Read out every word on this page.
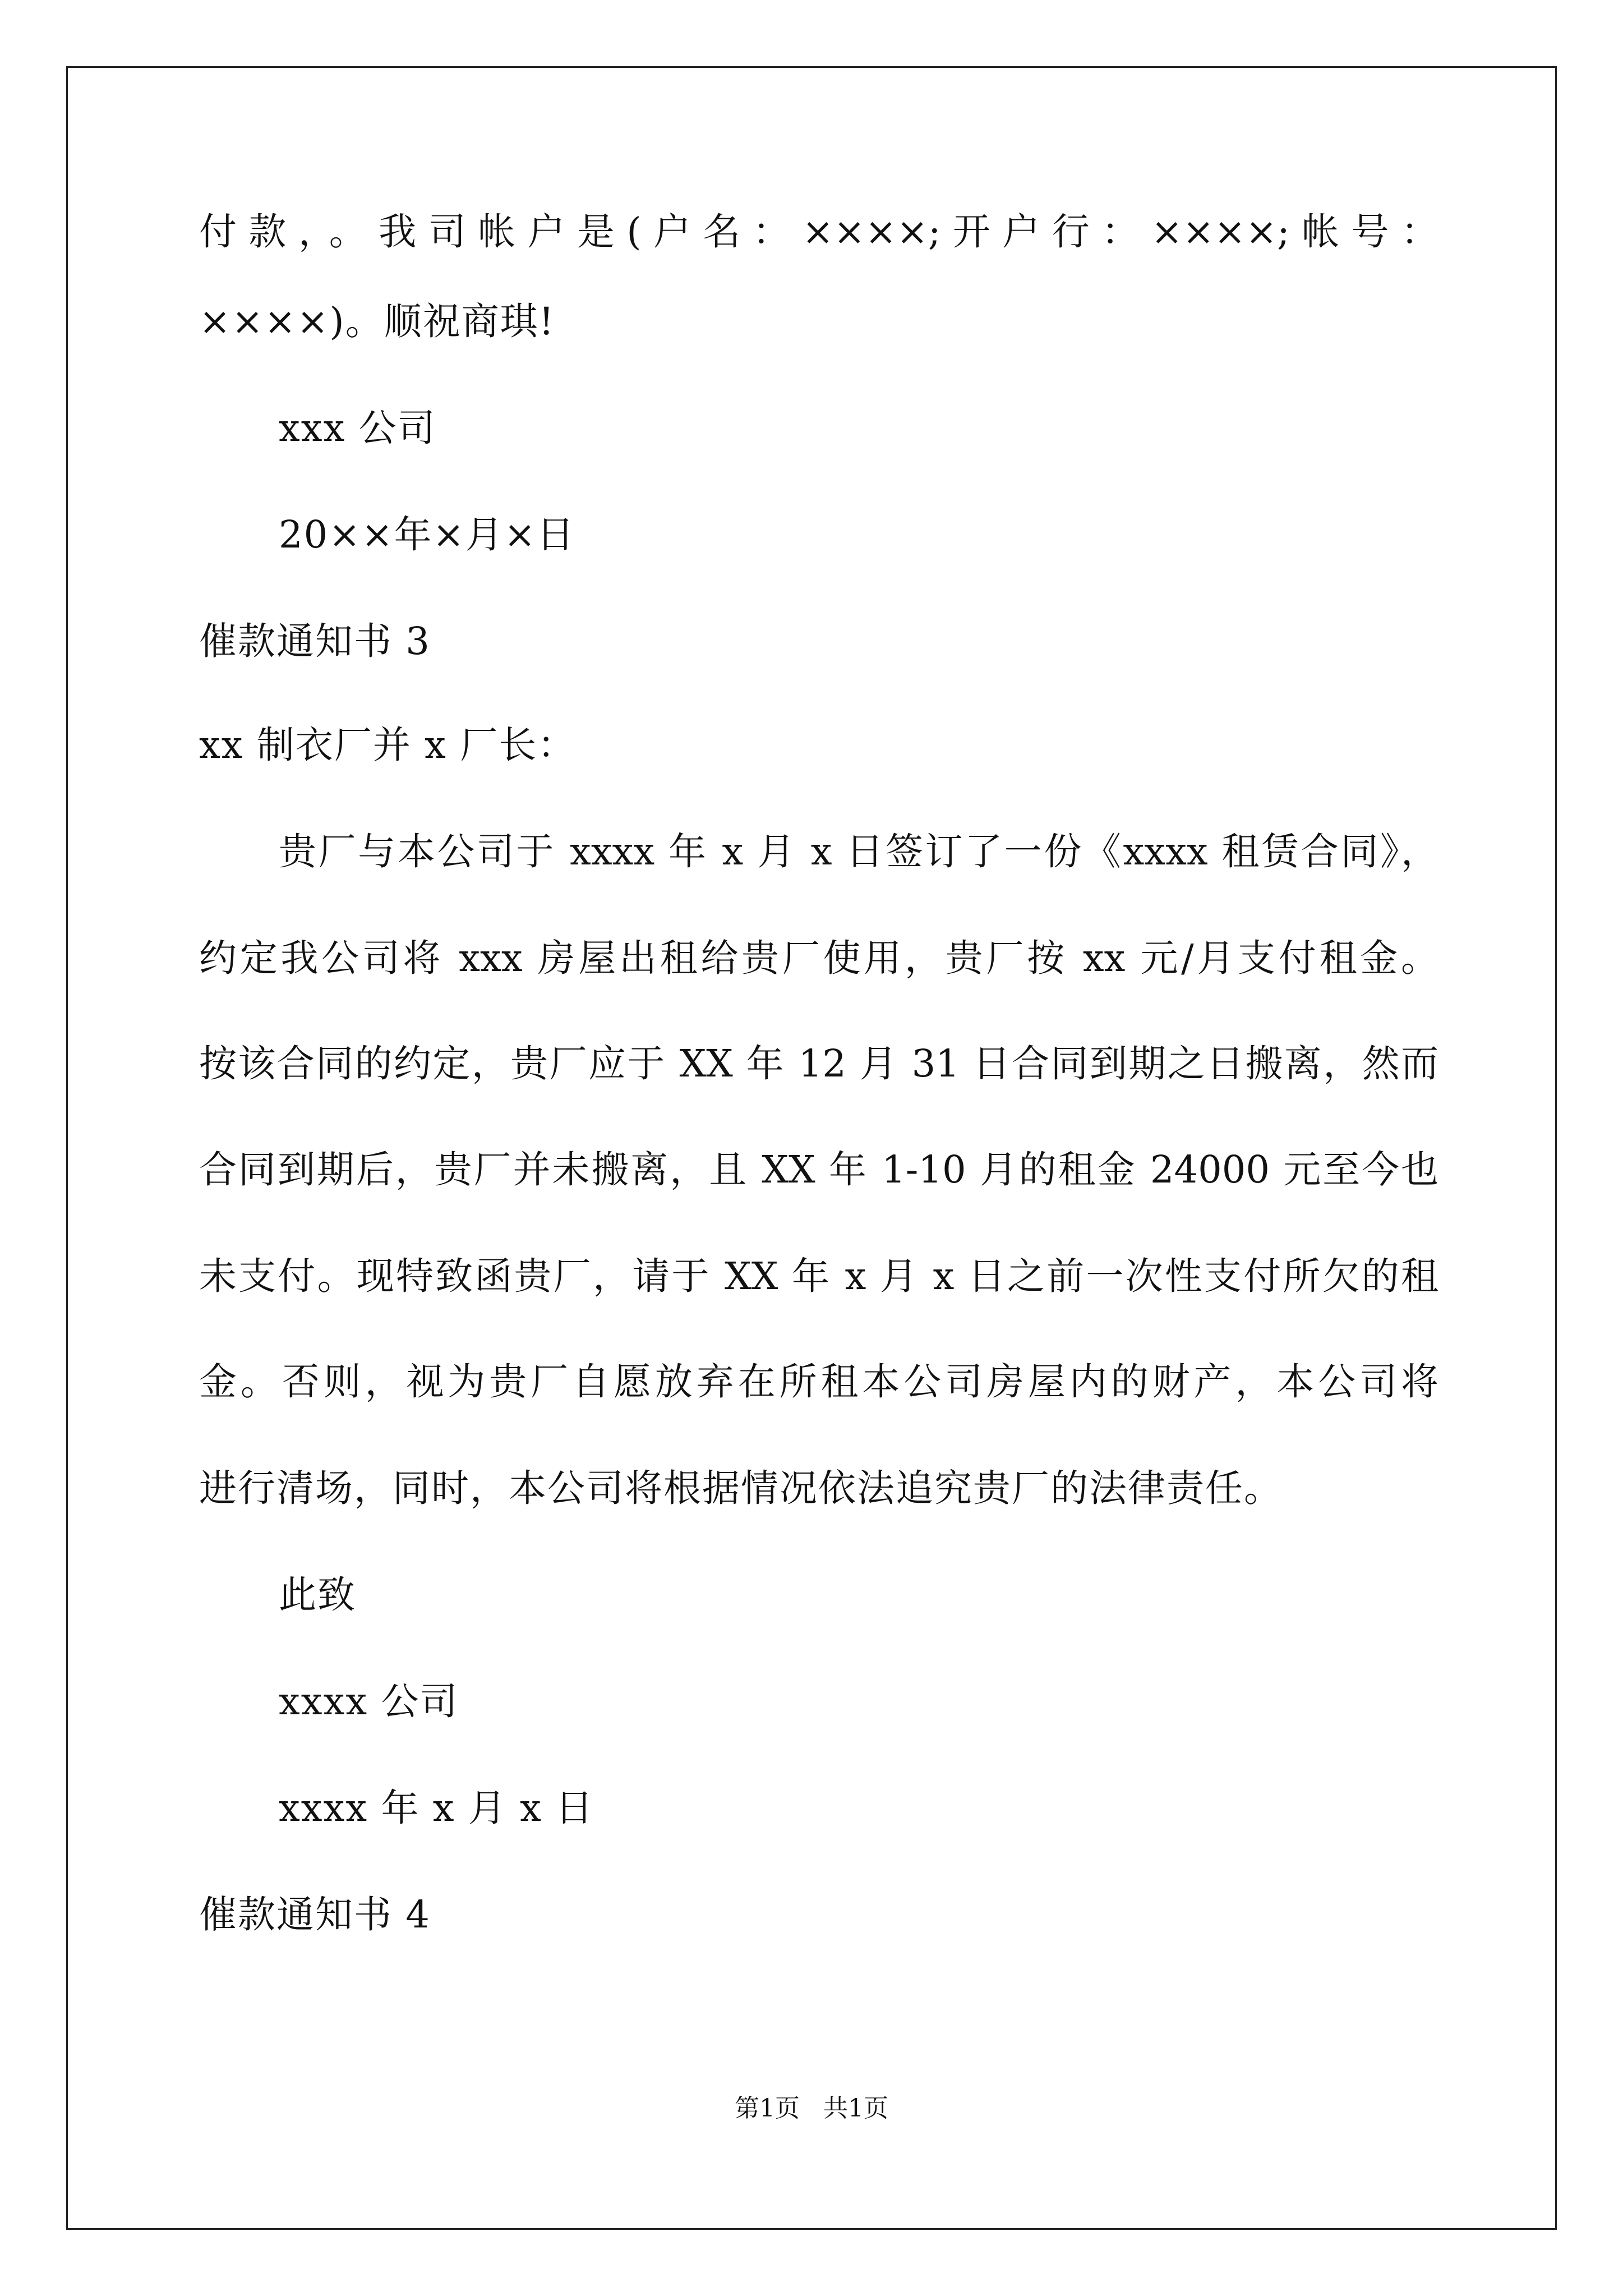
付款，。我司帐户是(户名：××××;开户行：××××;帐号：
××××)。顺祝商琪!
xxx 公司
20××年×月×日
催款通知书 3
xx 制衣厂并 x 厂长：
贵厂与本公司于 xxxx 年 x 月 x 日签订了一份《xxxx 租赁合同》，
约定我公司将 xxx 房屋出租给贵厂使用，贵厂按 xx 元/月支付租金。
按该合同的约定，贵厂应于 XX 年 12 月 31 日合同到期之日搬离，然而
合同到期后，贵厂并未搬离，且 XX 年 1-10 月的租金 24000 元至今也
未支付。现特致函贵厂，请于 XX 年 x 月 x 日之前一次性支付所欠的租
金。否则，视为贵厂自愿放弃在所租本公司房屋内的财产，本公司将
进行清场，同时，本公司将根据情况依法追究贵厂的法律责任。
此致
xxxx 公司
xxxx 年 x 月 x 日
催款通知书 4
第1页   共1页
